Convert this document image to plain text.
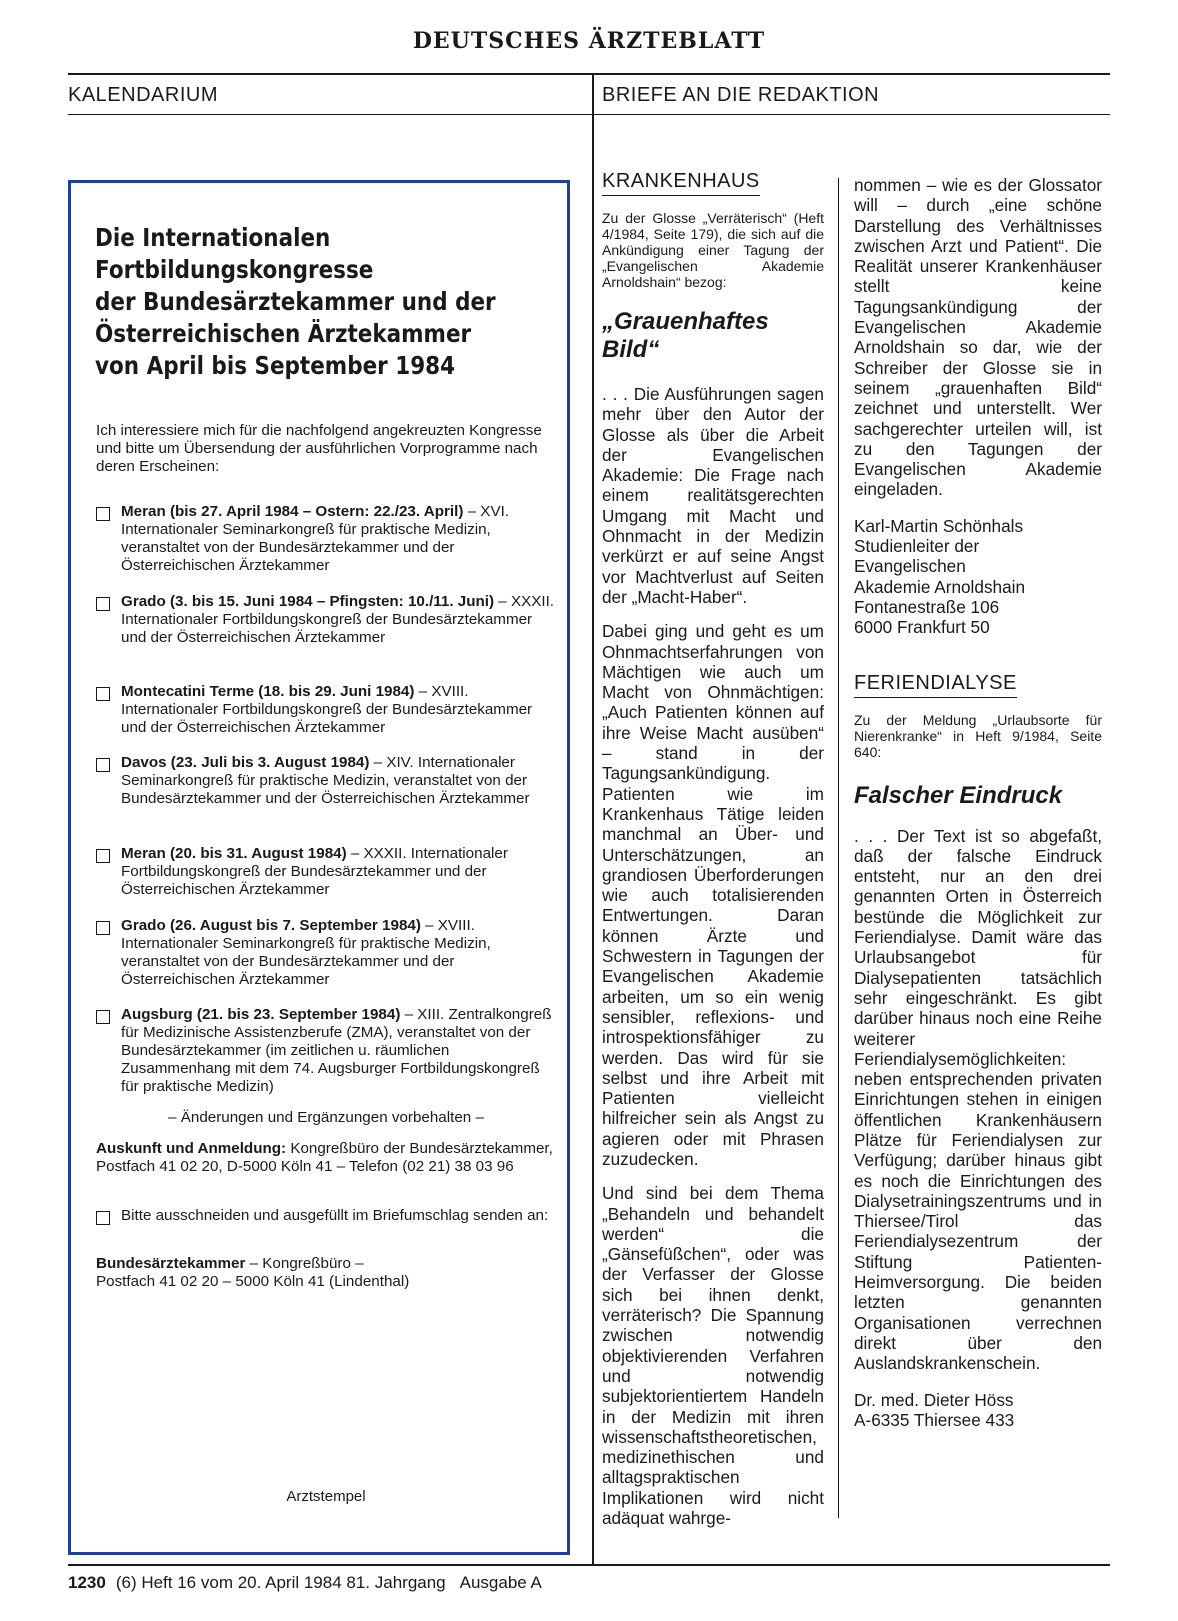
DEUTSCHES ÄRZTEBLATT
KALENDARIUM	BRIEFE AN DIE REDAKTION
Die Internationalen
Fortbildungskongresse
der Bundesärztekammer und der
Österreichischen Ärztekammer
von April bis September 1984
Ich interessiere mich für die nachfolgend angekreuzten Kongresse und bitte um Übersendung der ausführlichen Vorprogramme nach deren Erscheinen:
Meran (bis 27. April 1984 – Ostern: 22./23. April) – XVI. Internationaler Seminarkongreß für praktische Medizin, veranstaltet von der Bundesärztekammer und der Österreichischen Ärztekammer
Grado (3. bis 15. Juni 1984 – Pfingsten: 10./11. Juni) – XXXII. Internationaler Fortbildungskongreß der Bundesärztekammer und der Österreichischen Ärztekammer
Montecatini Terme (18. bis 29. Juni 1984) – XVIII. Internationaler Fortbildungskongreß der Bundesärztekammer und der Österreichischen Ärztekammer
Davos (23. Juli bis 3. August 1984) – XIV. Internationaler Seminarkongreß für praktische Medizin, veranstaltet von der Bundesärztekammer und der Österreichischen Ärztekammer
Meran (20. bis 31. August 1984) – XXXII. Internationaler Fortbildungskongreß der Bundesärztekammer und der Österreichischen Ärztekammer
Grado (26. August bis 7. September 1984) – XVIII. Internationaler Seminarkongreß für praktische Medizin, veranstaltet von der Bundesärztekammer und der Österreichischen Ärztekammer
Augsburg (21. bis 23. September 1984) – XIII. Zentralkongreß für Medizinische Assistenzberufe (ZMA), veranstaltet von der Bundesärztekammer (im zeitlichen u. räumlichen Zusammenhang mit dem 74. Augsburger Fortbildungskongreß für praktische Medizin)
– Änderungen und Ergänzungen vorbehalten –
Auskunft und Anmeldung: Kongreßbüro der Bundesärztekammer, Postfach 41 02 20, D-5000 Köln 41 – Telefon (02 21) 38 03 96
Bitte ausschneiden und ausgefüllt im Briefumschlag senden an:
Bundesärztekammer – Kongreßbüro –
Postfach 41 02 20 – 5000 Köln 41 (Lindenthal)
Arztstempel
KRANKENHAUS
Zu der Glosse „Verräterisch“ (Heft 4/1984, Seite 179), die sich auf die Ankündigung einer Tagung der „Evangelischen Akademie Arnoldshain“ bezog:
„Grauenhaftes
Bild“

. . . Die Ausführungen sagen mehr über den Autor der Glosse als über die Arbeit der Evangelischen Akademie: Die Frage nach einem realitätsgerechten Umgang mit Macht und Ohnmacht in der Medizin verkürzt er auf seine Angst vor Machtverlust auf Seiten der „Macht-Haber“.

Dabei ging und geht es um Ohnmachtserfahrungen von Mächtigen wie auch um Macht von Ohnmächtigen: „Auch Patienten können auf ihre Weise Macht ausüben“ – stand in der Tagungsankündigung. Patienten wie im Krankenhaus Tätige leiden manchmal an Über- und Unterschätzungen, an grandiosen Überforderungen wie auch totalisierenden Entwertungen. Daran können Ärzte und Schwestern in Tagungen der Evangelischen Akademie arbeiten, um so ein wenig sensibler, reflexions- und introspektionsfähiger zu werden. Das wird für sie selbst und ihre Arbeit mit Patienten vielleicht hilfreicher sein als Angst zu agieren oder mit Phrasen zuzudecken.

Und sind bei dem Thema „Behandeln und behandelt werden“ die „Gänsefüßchen“, oder was der Verfasser der Glosse sich bei ihnen denkt, verräterisch? Die Spannung zwischen notwendig objektivierenden Verfahren und notwendig subjektorientiertem Handeln in der Medizin mit ihren wissenschaftstheoretischen, medizinethischen und alltagspraktischen Implikationen wird nicht adäquat wahrge-

nommen – wie es der Glossator will – durch „eine schöne Darstellung des Verhältnisses zwischen Arzt und Patient“. Die Realität unserer Krankenhäuser stellt keine Tagungsankündigung der Evangelischen Akademie Arnoldshain so dar, wie der Schreiber der Glosse sie in seinem „grauenhaften Bild“ zeichnet und unterstellt. Wer sachgerechter urteilen will, ist zu den Tagungen der Evangelischen Akademie eingeladen.
Karl-Martin Schönhals
Studienleiter der
Evangelischen
Akademie Arnoldshain
Fontanestraße 106
6000 Frankfurt 50
FERIENDIALYSE
Zu der Meldung „Urlaubsorte für Nierenkranke“ in Heft 9/1984, Seite 640:
Falscher Eindruck
. . . Der Text ist so abgefaßt, daß der falsche Eindruck entsteht, nur an den drei genannten Orten in Österreich bestünde die Möglichkeit zur Feriendialyse. Damit wäre das Urlaubsangebot für Dialysepatienten tatsächlich sehr eingeschränkt. Es gibt darüber hinaus noch eine Reihe weiterer Feriendialysemöglichkeiten: neben entsprechenden privaten Einrichtungen stehen in einigen öffentlichen Krankenhäusern Plätze für Feriendialysen zur Verfügung; darüber hinaus gibt es noch die Einrichtungen des Dialysetrainingszentrums und in Thiersee/Tirol das Feriendialysezentrum der Stiftung Patienten-Heimversorgung. Die beiden letzten genannten Organisationen verrechnen direkt über den Auslandskrankenschein.
Dr. med. Dieter Höss
A-6335 Thiersee 433
1230 (6) Heft 16 vom 20. April 1984 81. Jahrgang Ausgabe A
